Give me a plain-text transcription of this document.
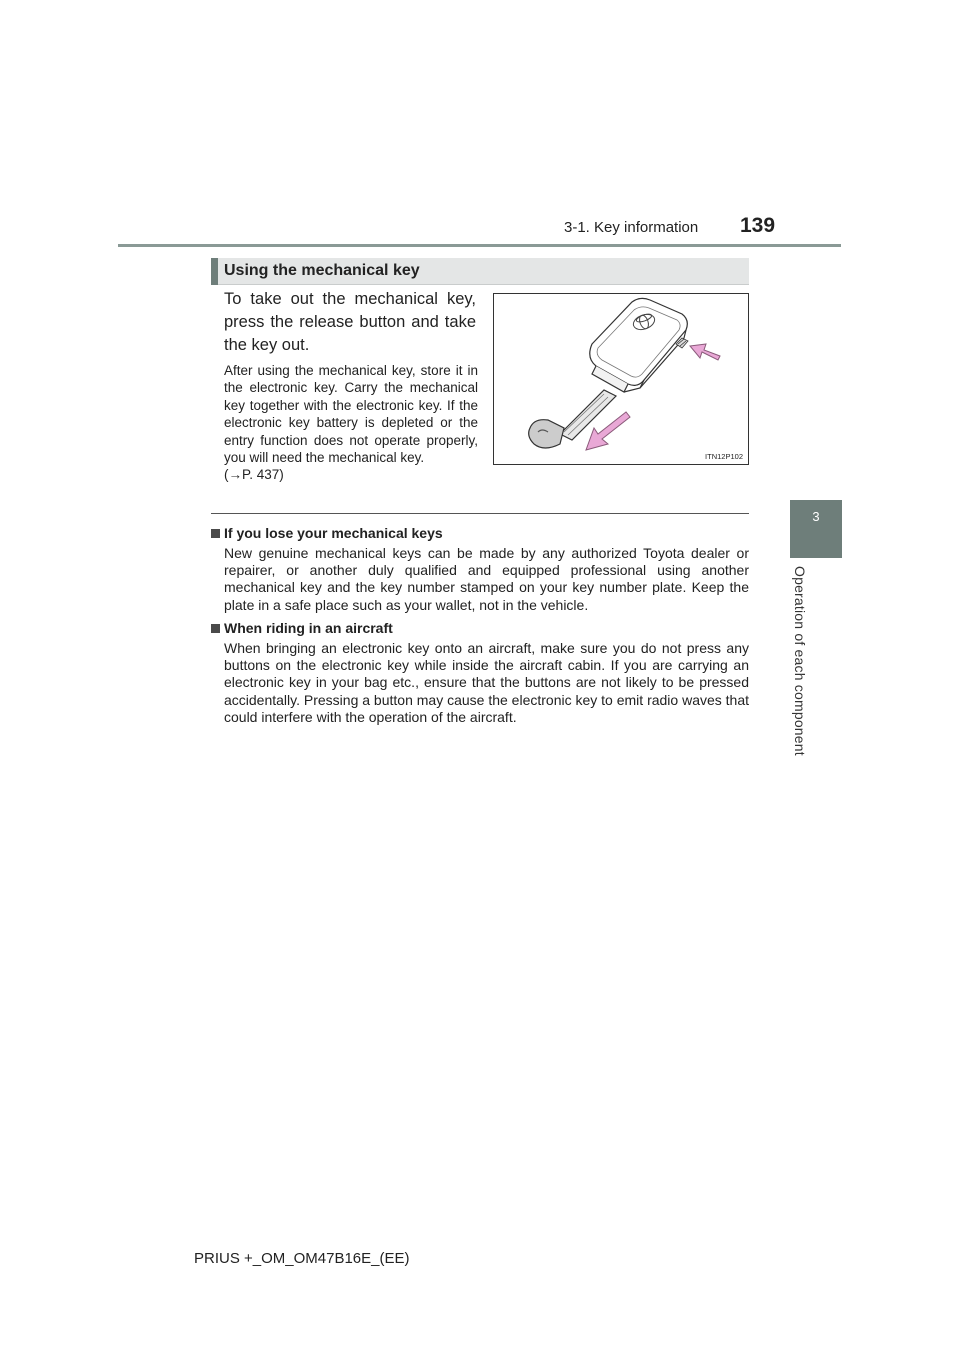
3-1. Key information 139
3
Operation of each component
Using the mechanical key
To take out the mechanical key, press the release button and take the key out.
After using the mechanical key, store it in the electronic key. Carry the mechanical key together with the electronic key. If the electronic key battery is depleted or the entry function does not operate properly, you will need the mechanical key.
(→P. 437)
ITN12P102
If you lose your mechanical keys
New genuine mechanical keys can be made by any authorized Toyota dealer or repairer, or another duly qualified and equipped professional using another mechanical key and the key number stamped on your key number plate. Keep the plate in a safe place such as your wallet, not in the vehicle.
When riding in an aircraft
When bringing an electronic key onto an aircraft, make sure you do not press any buttons on the electronic key while inside the aircraft cabin. If you are carrying an electronic key in your bag etc., ensure that the buttons are not likely to be pressed accidentally. Pressing a button may cause the electronic key to emit radio waves that could interfere with the operation of the aircraft.
PRIUS +_OM_OM47B16E_(EE)
